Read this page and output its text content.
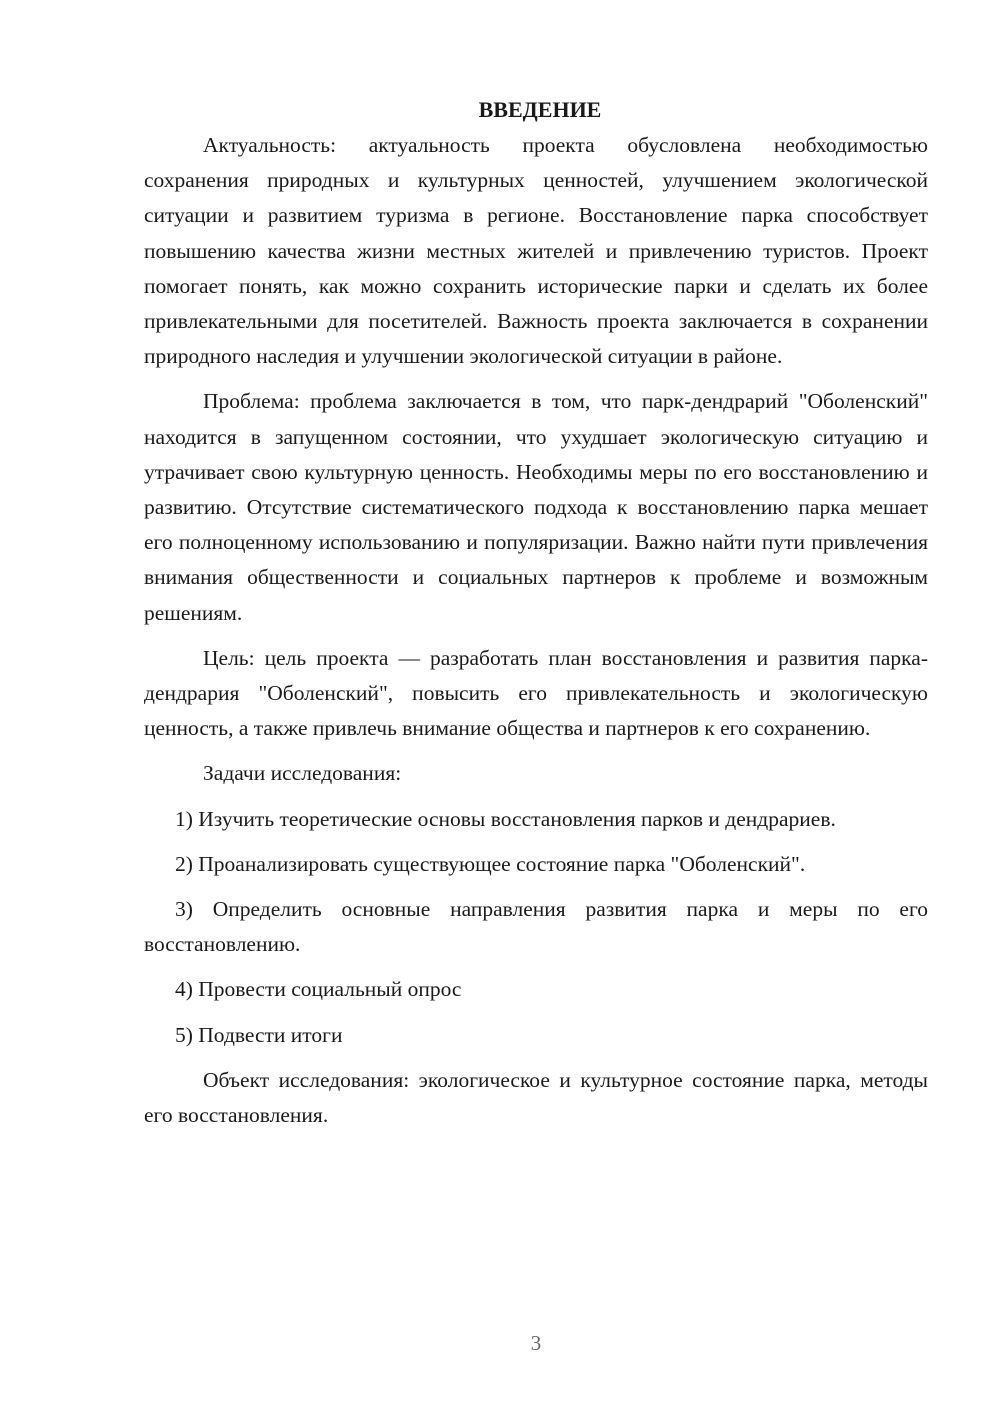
ВВЕДЕНИЕ

Актуальность: актуальность проекта обусловлена необходимостью сохранения природных и культурных ценностей, улучшением экологической ситуации и развитием туризма в регионе. Восстановление парка способствует повышению качества жизни местных жителей и привлечению туристов. Проект помогает понять, как можно сохранить исторические парки и сделать их более привлекательными для посетителей. Важность проекта заключается в сохранении природного наследия и улучшении экологической ситуации в районе.

Проблема: проблема заключается в том, что парк-дендрарий "Оболенский" находится в запущенном состоянии, что ухудшает экологическую ситуацию и утрачивает свою культурную ценность. Необходимы меры по его восстановлению и развитию. Отсутствие систематического подхода к восстановлению парка мешает его полноценному использованию и популяризации. Важно найти пути привлечения внимания общественности и социальных партнеров к проблеме и возможным решениям.

Цель: цель проекта — разработать план восстановления и развития парка-дендрария "Оболенский", повысить его привлекательность и экологическую ценность, а также привлечь внимание общества и партнеров к его сохранению.

Задачи исследования:

1) Изучить теоретические основы восстановления парков и дендрариев.

2) Проанализировать существующее состояние парка "Оболенский".

3) Определить основные направления развития парка и меры по его восстановлению.

4) Провести социальный опрос

5) Подвести итоги

Объект исследования: экологическое и культурное состояние парка, методы его восстановления.

3
